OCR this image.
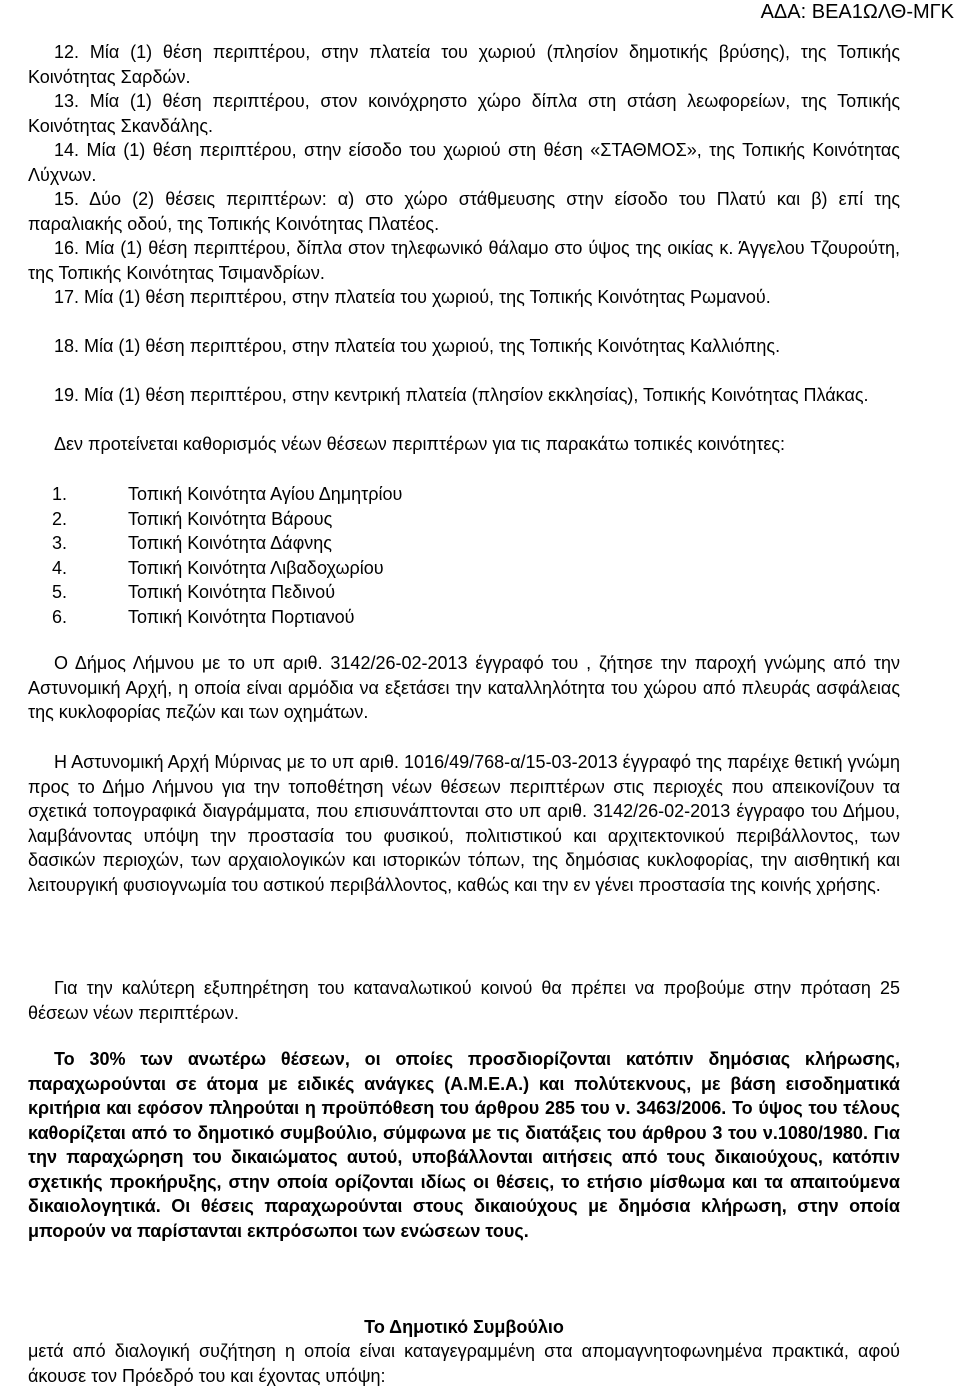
ΑΔΑ: ΒΕΑ1ΩΛΘ-ΜΓΚ
12. Μία (1) θέση περιπτέρου, στην πλατεία του χωριού (πλησίον δημοτικής βρύσης), της Τοπικής Κοινότητας Σαρδών.
13. Μία (1) θέση περιπτέρου, στον κοινόχρηστο χώρο δίπλα στη στάση λεωφορείων, της Τοπικής Κοινότητας Σκανδάλης.
14. Μία (1) θέση περιπτέρου, στην είσοδο του χωριού στη θέση «ΣΤΑΘΜΟΣ», της Τοπικής Κοινότητας Λύχνων.
15. Δύο (2) θέσεις περιπτέρων: α) στο χώρο στάθμευσης στην είσοδο του Πλατύ και β) επί της παραλιακής οδού, της Τοπικής Κοινότητας Πλατέος.
16. Μία (1) θέση περιπτέρου, δίπλα στον τηλεφωνικό θάλαμο στο ύψος της οικίας κ. Άγγελου Τζουρούτη, της Τοπικής Κοινότητας Τσιμανδρίων.
17. Μία (1) θέση περιπτέρου, στην πλατεία του χωριού, της Τοπικής Κοινότητας Ρωμανού.
18. Μία (1) θέση περιπτέρου, στην πλατεία του χωριού, της Τοπικής Κοινότητας Καλλιόπης.
19. Μία (1) θέση περιπτέρου, στην κεντρική πλατεία (πλησίον εκκλησίας), Τοπικής Κοινότητας Πλάκας.
Δεν προτείνεται καθορισμός νέων θέσεων περιπτέρων για τις παρακάτω τοπικές κοινότητες:
1.	Τοπική Κοινότητα Αγίου Δημητρίου
2.	Τοπική Κοινότητα Βάρους
3.	Τοπική Κοινότητα Δάφνης
4.	Τοπική Κοινότητα Λιβαδοχωρίου
5.	Τοπική Κοινότητα Πεδινού
6.	Τοπική Κοινότητα Πορτιανού
Ο Δήμος Λήμνου με το υπ αριθ. 3142/26-02-2013 έγγραφό του , ζήτησε την παροχή γνώμης από την Αστυνομική Αρχή, η οποία είναι αρμόδια να εξετάσει την καταλληλότητα του χώρου από πλευράς ασφάλειας της κυκλοφορίας πεζών και των οχημάτων.
Η Αστυνομική Αρχή Μύρινας με το υπ αριθ. 1016/49/768-α/15-03-2013 έγγραφό της παρέιχε θετική γνώμη προς το Δήμο Λήμνου για την τοποθέτηση νέων θέσεων περιπτέρων στις περιοχές που απεικονίζουν τα σχετικά τοπογραφικά διαγράμματα, που επισυνάπτονται στο υπ αριθ. 3142/26-02-2013 έγγραφο του Δήμου, λαμβάνοντας υπόψη την προστασία του φυσικού, πολιτιστικού και αρχιτεκτονικού περιβάλλοντος, των δασικών περιοχών, των αρχαιολογικών και ιστορικών τόπων, της δημόσιας κυκλοφορίας, την αισθητική και λειτουργική φυσιογνωμία του αστικού περιβάλλοντος, καθώς και την εν γένει προστασία της κοινής χρήσης.
Για την καλύτερη εξυπηρέτηση του καταναλωτικού κοινού θα πρέπει να προβούμε στην πρόταση 25 θέσεων νέων περιπτέρων.
Το 30% των ανωτέρω θέσεων, οι οποίες προσδιορίζονται κατόπιν δημόσιας κλήρωσης, παραχωρούνται σε άτομα με ειδικές ανάγκες (Α.Μ.Ε.Α.) και πολύτεκνους, με βάση εισοδηματικά κριτήρια και εφόσον πληρούται η προϋπόθεση του άρθρου 285 του ν. 3463/2006. Το ύψος του τέλους καθορίζεται από το δημοτικό συμβούλιο, σύμφωνα με τις διατάξεις του άρθρου 3 του ν.1080/1980. Για την παραχώρηση του δικαιώματος αυτού, υποβάλλονται αιτήσεις από τους δικαιούχους, κατόπιν σχετικής προκήρυξης, στην οποία ορίζονται ιδίως οι θέσεις, το ετήσιο μίσθωμα και τα απαιτούμενα δικαιολογητικά. Οι θέσεις παραχωρούνται στους δικαιούχους με δημόσια κλήρωση, στην οποία μπορούν να παρίστανται εκπρόσωποι των ενώσεων τους.
Το Δημοτικό Συμβούλιο
μετά από διαλογική συζήτηση η οποία είναι καταγεγραμμένη στα απομαγνητοφωνημένα πρακτικά, αφού άκουσε τον Πρόεδρό του και έχοντας υπόψη:
